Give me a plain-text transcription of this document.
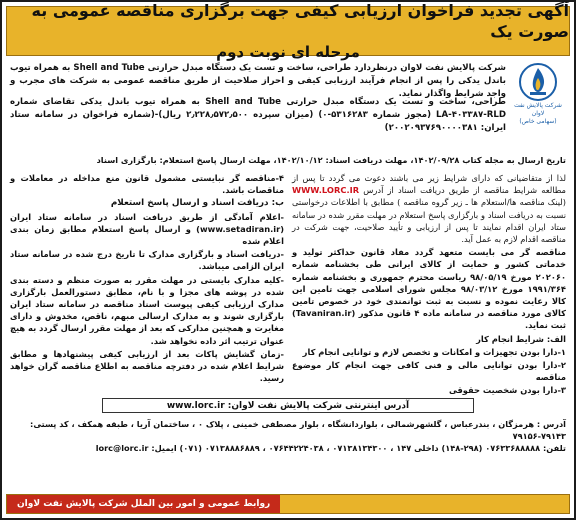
آگهی تجدید فراخوان ارزیابی کیفی جهت برگزاری مناقصه عمومی به صورت یک
مرحله ای نوبت دوم
شرکت پالایش نفت لاوان
(سهامی خاص)
شرکت پالایش نفت لاوان درنظردارد طراحی، ساخت و تست یک دستگاه مبدل حرارتی Shell and Tube به همراه تیوب باندل یدکی را پس از انجام فرآیند ارزیابی کیفی و احراز صلاحیت از طریق مناقصه عمومی به شرکت های مجرب و واجد شرایط واگذار نماید.
طراحی، ساخت و تست یک دستگاه مبدل حرارتی Shell and Tube به همراه تیوب باندل یدکی تقاضای شماره LA-۴۰۳۳۸۷-RLD (مجوز شماره ۵۳۱۶۲۸۳-۰) (میزان سپرده ۲٫۲۲۸٫۵۷۲٫۵۰۰ ریال)-(شماره فراخوان در سامانه ستاد ایران: ۲۰۰۲۰۹۳۷۶۹۰۰۰۰۳۸۱)
تاریخ ارسال به مجله کتاب ۱۴۰۲/۰۹/۲۸، مهلت دریافت اسناد: ۱۴۰۲/۱۰/۱۲، مهلت ارسال پاسخ استعلام: بارگزاری اسناد

لذا از متقاضیانی که دارای شرایط زیر می باشند دعوت می گردد تا پس از مطالعه شرایط مناقصه از طریق دریافت اسناد از آدرس WWW.LORC.IR (لینک مناقصه ها/استعلام ها ـ زیر گروه مناقصه ) مطابق با اطلاعات درخواستی نسبت به دریافت اسناد و بارگزاری پاسخ استعلام در مهلت مقرر شده در سامانه ستاد ایران اقدام نمایند تا پس از ارزیابی و تأیید صلاحیت، جهت شرکت در مناقصه اقدام لازم به عمل آید.

مناقصه گر می بایست متعهد گردد مفاد قانون حداکثر تولید و خدماتی کشور و حمایت از کالای ایرانی طی بخشنامه شماره ۲۰۲۰۶۰ مورخ ۹۸/۰۵/۱۹ ریاست محترم جمهوری و بخشنامه شماره ۱۹۹۱/۳۶۴ مورخ ۹۸/۰۳/۱۲ مجلس شورای اسلامی جهت تامین این کالا رعایت نموده و نسبت به ثبت توانمندی خود در خصوص تامین کالای مورد مناقصه در سامانه ماده ۴ قانون مذکور (Tavaniran.ir) ثبت نماید.

الف: شرایط انجام کار

۱-دارا بودن تجهیزات و امکانات و تخصص لازم و توانایی انجام کار

۲-دارا بودن توانایی مالی و فنی کافی جهت انجام کار موضوع مناقصه

۳-دارا بودن شخصیت حقوقی

۴-مناقصه گر نبایستی مشمول قانون منع مداخله در معاملات و مناقصات باشد.

ب: دریافت اسناد و ارسال پاسخ استعلام

-اعلام آمادگی از طریق دریافت اسناد در سامانه ستاد ایران (www.setadiran.ir) و ارسال پاسخ استعلام مطابق زمان بندی اعلام شده

-دریافت اسناد و بارگزاری مدارک تا تاریخ درج شده در سامانه ستاد ایران الزامی میباشد.

-کلیه مدارک بایستی در مهلت مقرر به صورت منظم و دسته بندی شده در پوشه های مجزا و با نام، مطابق دستورالعمل بارگزاری مدارک ارزیابی کیفی پیوست اسناد مناقصه در سامانه ستاد ایران بارگزاری شوند و به مدارک ارسالی مبهم، ناقص، مخدوش و دارای مغایرت و همچنین مدارکی که بعد از مهلت مقرر ارسال گردد به هیچ عنوان ترتیب اثر داده نخواهد شد.

-زمان گشایش پاکات بعد از ارزیابی کیفی پیشنهادها و مطابق شرایط اعلام شده در دفترچه مناقصه به اطلاع مناقصه گران خواهد رسید.

آدرس اینترنتی شرکت پالایش نفت لاوان: www.lorc.ir
آدرس : هرمزگان ، بندرعباس ، گلشهرشمالی ، بلواردانشگاه ، بلوار مصطفی خمینی ، پلاک ۰ ، ساختمان آریا ، طبقه همکف ، کد پستی: ۷۹۱۴۳-۷۹۱۵۶
تلفن: ۰۷۶۳۳۶۸۸۸۸۸ (۲۹۸-۱۴۸) داخلی ۱۴۷ ، ۰۷۱۳۸۱۳۴۳۰۰ ، ۰۷۶۴۴۲۲۴۰۳۸ ، ۰۷۱۳۸۸۸۶۸۸۹ (۰۷۱) ایمیل: lorc@lorc.ir
روابط عمومی و امور بین الملل شرکت پالایش نفت لاوان
